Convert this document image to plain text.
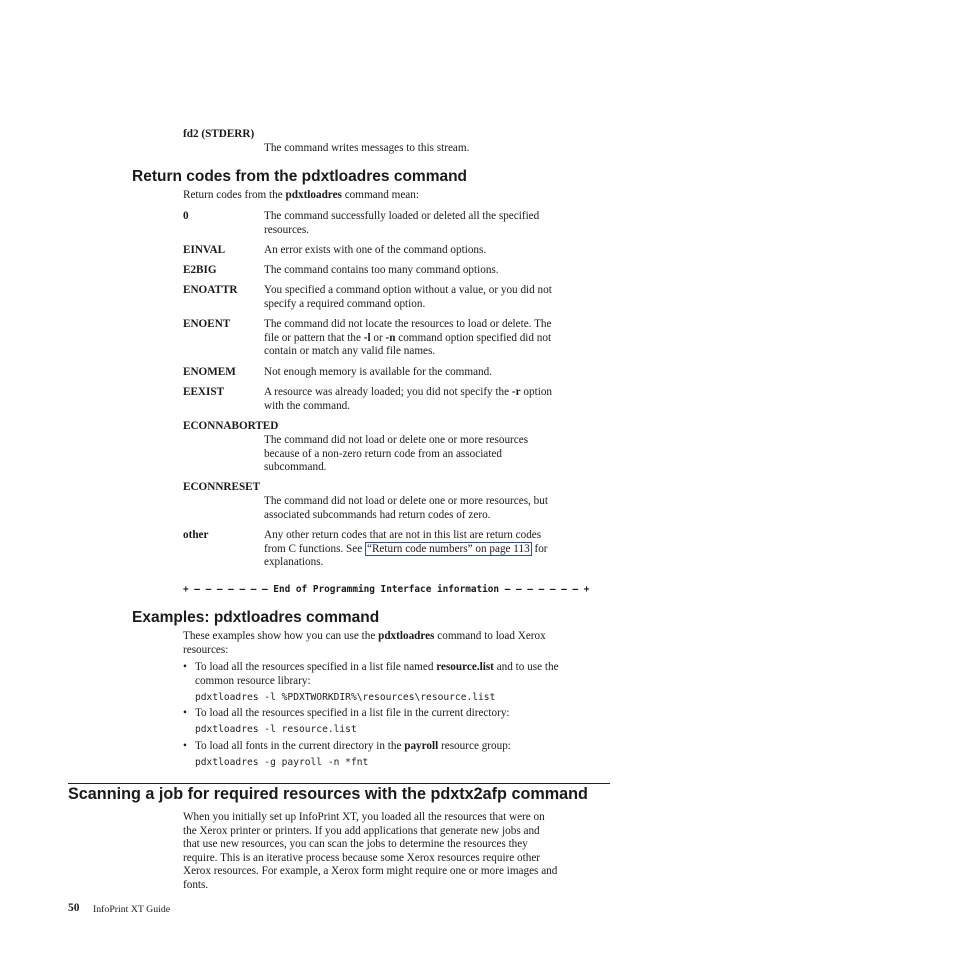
fd2 (STDERR)
The command writes messages to this stream.
Return codes from the pdxtloadres command
Return codes from the pdxtloadres command mean:
0	The command successfully loaded or deleted all the specified
resources.
EINVAL	An error exists with one of the command options.
E2BIG	The command contains too many command options.
ENOATTR You specified a command option without a value, or you did not
specify a required command option.
ENOENT	The command did not locate the resources to load or delete. The
file or pattern that the -l or -n command option specified did not
contain or match any valid file names.
ENOMEM	Not enough memory is available for the command.
EEXIST	A resource was already loaded; you did not specify the -r option
with the command.
ECONNABORTED
The command did not load or delete one or more resources
because of a non-zero return code from an associated
subcommand.
ECONNRESET
The command did not load or delete one or more resources, but
associated subcommands had return codes of zero.
other	Any other return codes that are not in this list are return codes
from C functions. See “Return code numbers” on page 113 for
explanations.
+ – – – – – – – End of Programming Interface information – – – – – – – +
Examples: pdxtloadres command
These examples show how you can use the pdxtloadres command to load Xerox
resources:
• To load all the resources specified in a list file named resource.list and to use the
common resource library:
pdxtloadres -l %PDXTWORKDIR%\resources\resource.list
• To load all the resources specified in a list file in the current directory:
pdxtloadres -l resource.list
• To load all fonts in the current directory in the payroll resource group:
pdxtloadres -g payroll -n *fnt
Scanning a job for required resources with the pdxtx2afp command
When you initially set up InfoPrint XT, you loaded all the resources that were on
the Xerox printer or printers. If you add applications that generate new jobs and
that use new resources, you can scan the jobs to determine the resources they
require. This is an iterative process because some Xerox resources require other
Xerox resources. For example, a Xerox form might require one or more images and
fonts.
50 InfoPrint XT Guide
